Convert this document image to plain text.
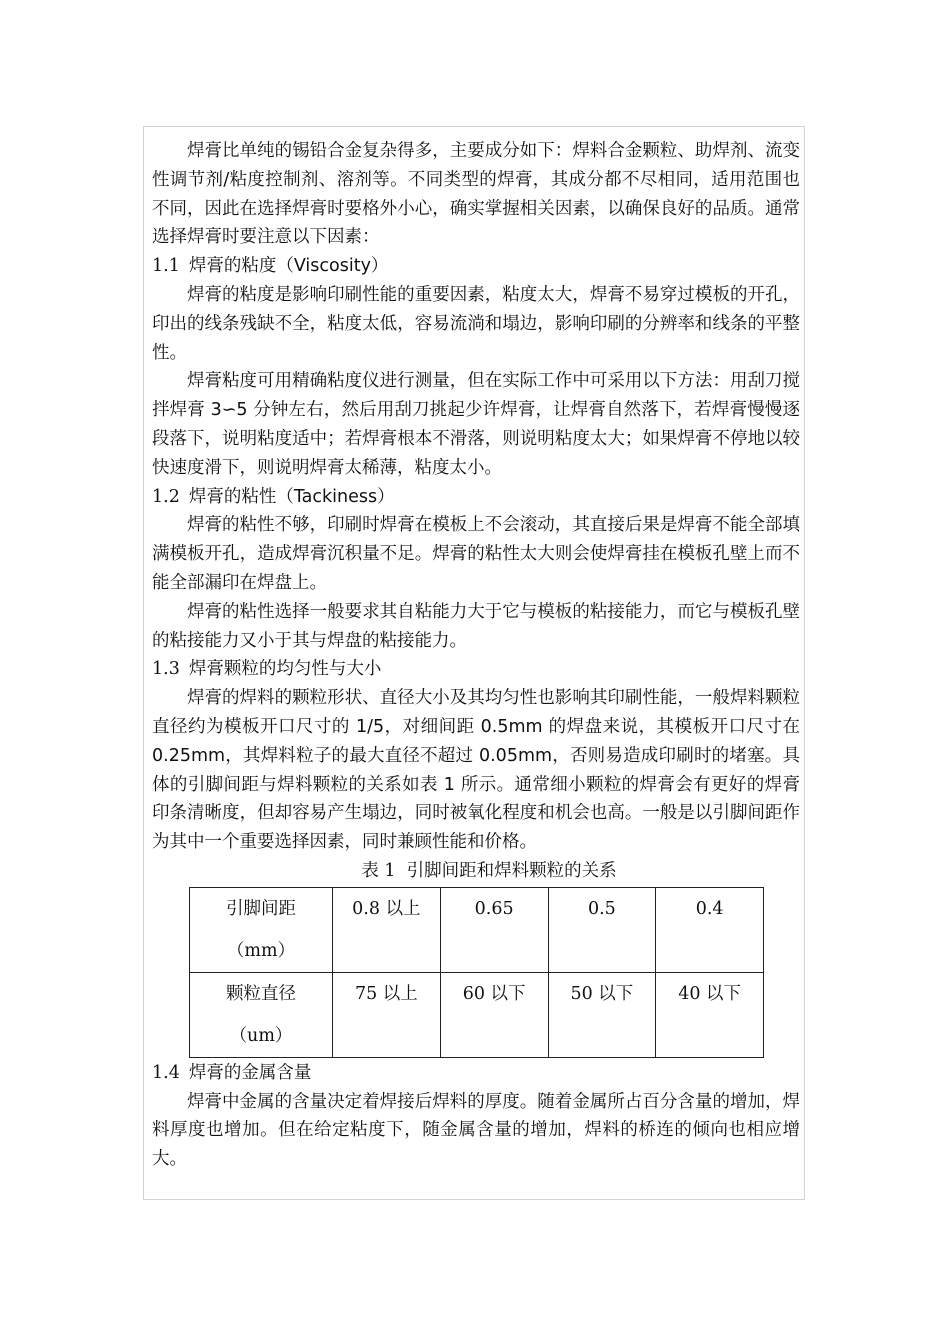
焊膏比单纯的锡铅合金复杂得多，主要成分如下：焊料合金颗粒、助焊剂、流变性调节剂/粘度控制剂、溶剂等。不同类型的焊膏，其成分都不尽相同，适用范围也不同，因此在选择焊膏时要格外小心，确实掌握相关因素，以确保良好的品质。通常选择焊膏时要注意以下因素：

1.1 焊膏的粘度（Viscosity）

焊膏的粘度是影响印刷性能的重要因素，粘度太大，焊膏不易穿过模板的开孔，印出的线条残缺不全，粘度太低，容易流淌和塌边，影响印刷的分辨率和线条的平整性。

焊膏粘度可用精确粘度仪进行测量，但在实际工作中可采用以下方法：用刮刀搅拌焊膏 3∽5 分钟左右，然后用刮刀挑起少许焊膏，让焊膏自然落下，若焊膏慢慢逐段落下，说明粘度适中；若焊膏根本不滑落，则说明粘度太大；如果焊膏不停地以较快速度滑下，则说明焊膏太稀薄，粘度太小。

1.2 焊膏的粘性（Tackiness）

焊膏的粘性不够，印刷时焊膏在模板上不会滚动，其直接后果是焊膏不能全部填满模板开孔，造成焊膏沉积量不足。焊膏的粘性太大则会使焊膏挂在模板孔壁上而不能全部漏印在焊盘上。

焊膏的粘性选择一般要求其自粘能力大于它与模板的粘接能力，而它与模板孔壁的粘接能力又小于其与焊盘的粘接能力。

1.3 焊膏颗粒的均匀性与大小

焊膏的焊料的颗粒形状、直径大小及其均匀性也影响其印刷性能，一般焊料颗粒直径约为模板开口尺寸的 1/5，对细间距 0.5mm 的焊盘来说，其模板开口尺寸在 0.25mm，其焊料粒子的最大直径不超过 0.05mm，否则易造成印刷时的堵塞。具体的引脚间距与焊料颗粒的关系如表 1 所示。通常细小颗粒的焊膏会有更好的焊膏印条清晰度，但却容易产生塌边，同时被氧化程度和机会也高。一般是以引脚间距作为其中一个重要选择因素，同时兼顾性能和价格。

表 1 引脚间距和焊料颗粒的关系

引脚间距
（mm）	0.8 以上	0.65	0.5	0.4

颗粒直径
（um）	75 以上	60 以下	50 以下	40 以下

1.4 焊膏的金属含量

焊膏中金属的含量决定着焊接后焊料的厚度。随着金属所占百分含量的增加，焊料厚度也增加。但在给定粘度下，随金属含量的增加，焊料的桥连的倾向也相应增大。
